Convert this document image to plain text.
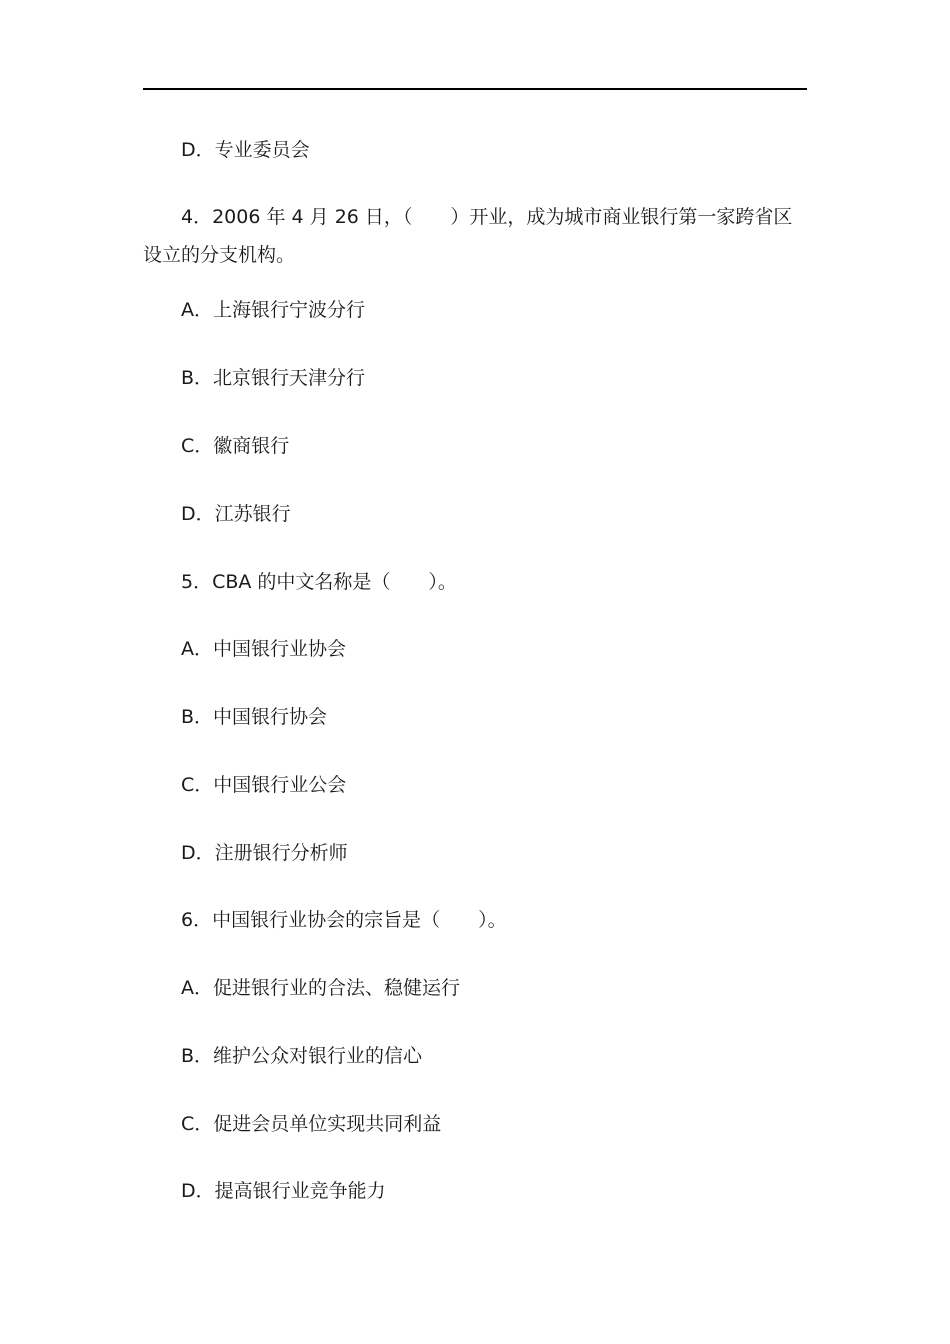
D．专业委员会

4．2006 年 4 月 26 日，（　　）开业，成为城市商业银行第一家跨省区

设立的分支机构。

A．上海银行宁波分行

B．北京银行天津分行

C．徽商银行

D．江苏银行

5．CBA 的中文名称是（　　）。

A．中国银行业协会

B．中国银行协会

C．中国银行业公会

D．注册银行分析师

6．中国银行业协会的宗旨是（　　）。

A．促进银行业的合法、稳健运行

B．维护公众对银行业的信心

C．促进会员单位实现共同利益

D．提高银行业竞争能力
